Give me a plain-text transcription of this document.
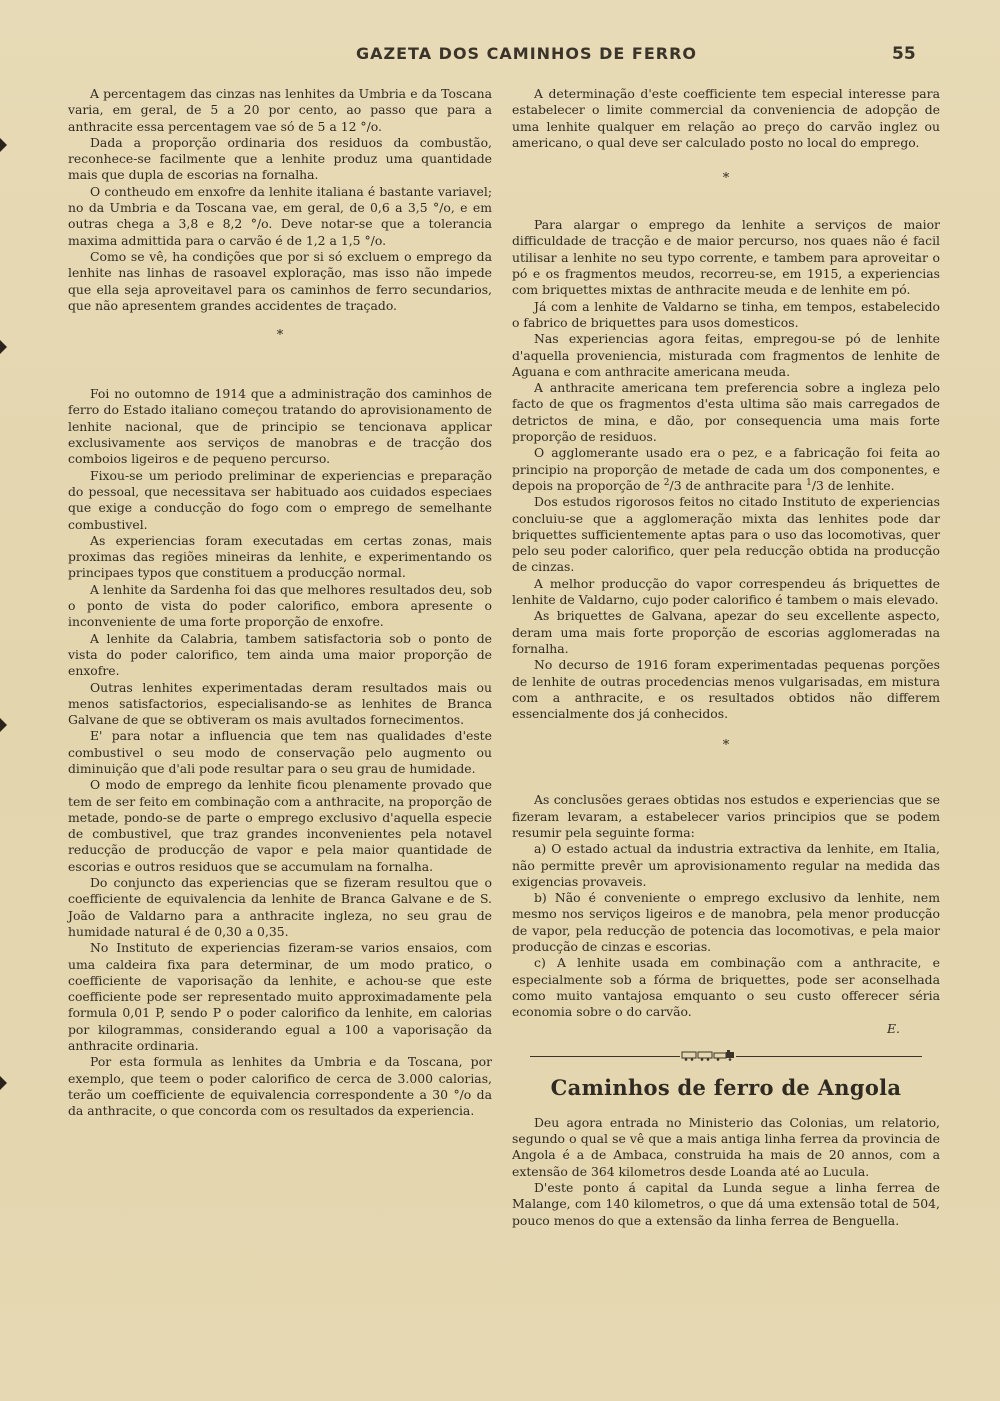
GAZETA DOS CAMINHOS DE FERRO	55

A percentagem das cinzas nas lenhites da Umbria e da Toscana varia, em geral, de 5 a 20 por cento, ao passo que para a anthracite essa percentagem vae só de 5 a 12 °/o.

Dada a proporção ordinaria dos residuos da combustão, reconhece-se facilmente que a lenhite produz uma quantidade mais que dupla de escorias na fornalha.

O contheudo em enxofre da lenhite italiana é bastante variavel; no da Umbria e da Toscana vae, em geral, de 0,6 a 3,5 °/o, e em outras chega a 3,8 e 8,2 °/o. Deve notar-se que a tolerancia maxima admittida para o carvão é de 1,2 a 1,5 °/o.

Como se vê, ha condições que por si só excluem o emprego da lenhite nas linhas de rasoavel exploração, mas isso não impede que ella seja aproveitavel para os caminhos de ferro secundarios, que não apresentem grandes accidentes de traçado.

*

Foi no outomno de 1914 que a administração dos caminhos de ferro do Estado italiano começou tratando do aprovisionamento de lenhite nacional, que de principio se tencionava applicar exclusivamente aos serviços de manobras e de tracção dos comboios ligeiros e de pequeno percurso.

Fixou-se um periodo preliminar de experiencias e preparação do pessoal, que necessitava ser habituado aos cuidados especiaes que exige a conducção do fogo com o emprego de semelhante combustivel.

As experiencias foram executadas em certas zonas, mais proximas das regiões mineiras da lenhite, e experimentando os principaes typos que constituem a producção normal.

A lenhite da Sardenha foi das que melhores resultados deu, sob o ponto de vista do poder calorifico, embora apresente o inconveniente de uma forte proporção de enxofre.

A lenhite da Calabria, tambem satisfactoria sob o ponto de vista do poder calorifico, tem ainda uma maior proporção de enxofre.

Outras lenhites experimentadas deram resultados mais ou menos satisfactorios, especialisando-se as lenhites de Branca Galvane de que se obtiveram os mais avultados fornecimentos.

E' para notar a influencia que tem nas qualidades d'este combustivel o seu modo de conservação pelo augmento ou diminuição que d'ali pode resultar para o seu grau de humidade.

O modo de emprego da lenhite ficou plenamente provado que tem de ser feito em combinação com a anthracite, na proporção de metade, pondo-se de parte o emprego exclusivo d'aquella especie de combustivel, que traz grandes inconvenientes pela notavel reducção de producção de vapor e pela maior quantidade de escorias e outros residuos que se accumulam na fornalha.

Do conjuncto das experiencias que se fizeram resultou que o coefficiente de equivalencia da lenhite de Branca Galvane e de S. João de Valdarno para a anthracite ingleza, no seu grau de humidade natural é de 0,30 a 0,35.

No Instituto de experiencias fizeram-se varios ensaios, com uma caldeira fixa para determinar, de um modo pratico, o coefficiente de vaporisação da lenhite, e achou-se que este coefficiente pode ser representado muito approximadamente pela formula 0,01 P, sendo P o poder calorifico da lenhite, em calorias por kilogrammas, considerando egual a 100 a vaporisação da anthracite ordinaria.

Por esta formula as lenhites da Umbria e da Toscana, por exemplo, que teem o poder calorifico de cerca de 3.000 calorias, terão um coefficiente de equivalencia correspondente a 30 °/o da da anthracite, o que concorda com os resultados da experiencia.

A determinação d'este coefficiente tem especial interesse para estabelecer o limite commercial da conveniencia de adopção de uma lenhite qualquer em relação ao preço do carvão inglez ou americano, o qual deve ser calculado posto no local do emprego.

*

Para alargar o emprego da lenhite a serviços de maior difficuldade de tracção e de maior percurso, nos quaes não é facil utilisar a lenhite no seu typo corrente, e tambem para aproveitar o pó e os fragmentos meudos, recorreu-se, em 1915, a experiencias com briquettes mixtas de anthracite meuda e de lenhite em pó.

Já com a lenhite de Valdarno se tinha, em tempos, estabelecido o fabrico de briquettes para usos domesticos.

Nas experiencias agora feitas, empregou-se pó de lenhite d'aquella proveniencia, misturada com fragmentos de lenhite de Aguana e com anthracite americana meuda.

A anthracite americana tem preferencia sobre a ingleza pelo facto de que os fragmentos d'esta ultima são mais carregados de detrictos de mina, e dão, por consequencia uma mais forte proporção de residuos.

O agglomerante usado era o pez, e a fabricação foi feita ao principio na proporção de metade de cada um dos componentes, e depois na proporção de $^2$/3 de anthracite para $^1$/3 de lenhite.

Dos estudos rigorosos feitos no citado Instituto de experiencias concluiu-se que a agglomeração mixta das lenhites pode dar briquettes sufficientemente aptas para o uso das locomotivas, quer pelo seu poder calorifico, quer pela reducção obtida na producção de cinzas.

A melhor producção do vapor correspendeu ás briquettes de lenhite de Valdarno, cujo poder calorifico é tambem o mais elevado.

As briquettes de Galvana, apezar do seu excellente aspecto, deram uma mais forte proporção de escorias agglomeradas na fornalha.

No decurso de 1916 foram experimentadas pequenas porções de lenhite de outras procedencias menos vulgarisadas, em mistura com a anthracite, e os resultados obtidos não differem essencialmente dos já conhecidos.

*

As conclusões geraes obtidas nos estudos e experiencias que se fizeram levaram, a estabelecer varios principios que se podem resumir pela seguinte forma:

a) O estado actual da industria extractiva da lenhite, em Italia, não permitte prevêr um aprovisionamento regular na medida das exigencias provaveis.

b) Não é conveniente o emprego exclusivo da lenhite, nem mesmo nos serviços ligeiros e de manobra, pela menor producção de vapor, pela reducção de potencia das locomotivas, e pela maior producção de cinzas e escorias.

c) A lenhite usada em combinação com a anthracite, e especialmente sob a fórma de briquettes, pode ser aconselhada como muito vantajosa emquanto o seu custo offerecer séria economia sobre o do carvão.

E.

Caminhos de ferro de Angola

Deu agora entrada no Ministerio das Colonias, um relatorio, segundo o qual se vê que a mais antiga linha ferrea da provincia de Angola é a de Ambaca, construida ha mais de 20 annos, com a extensão de 364 kilometros desde Loanda até ao Lucula.

D'este ponto á capital da Lunda segue a linha ferrea de Malange, com 140 kilometros, o que dá uma extensão total de 504, pouco menos do que a extensão da linha ferrea de Benguella.
